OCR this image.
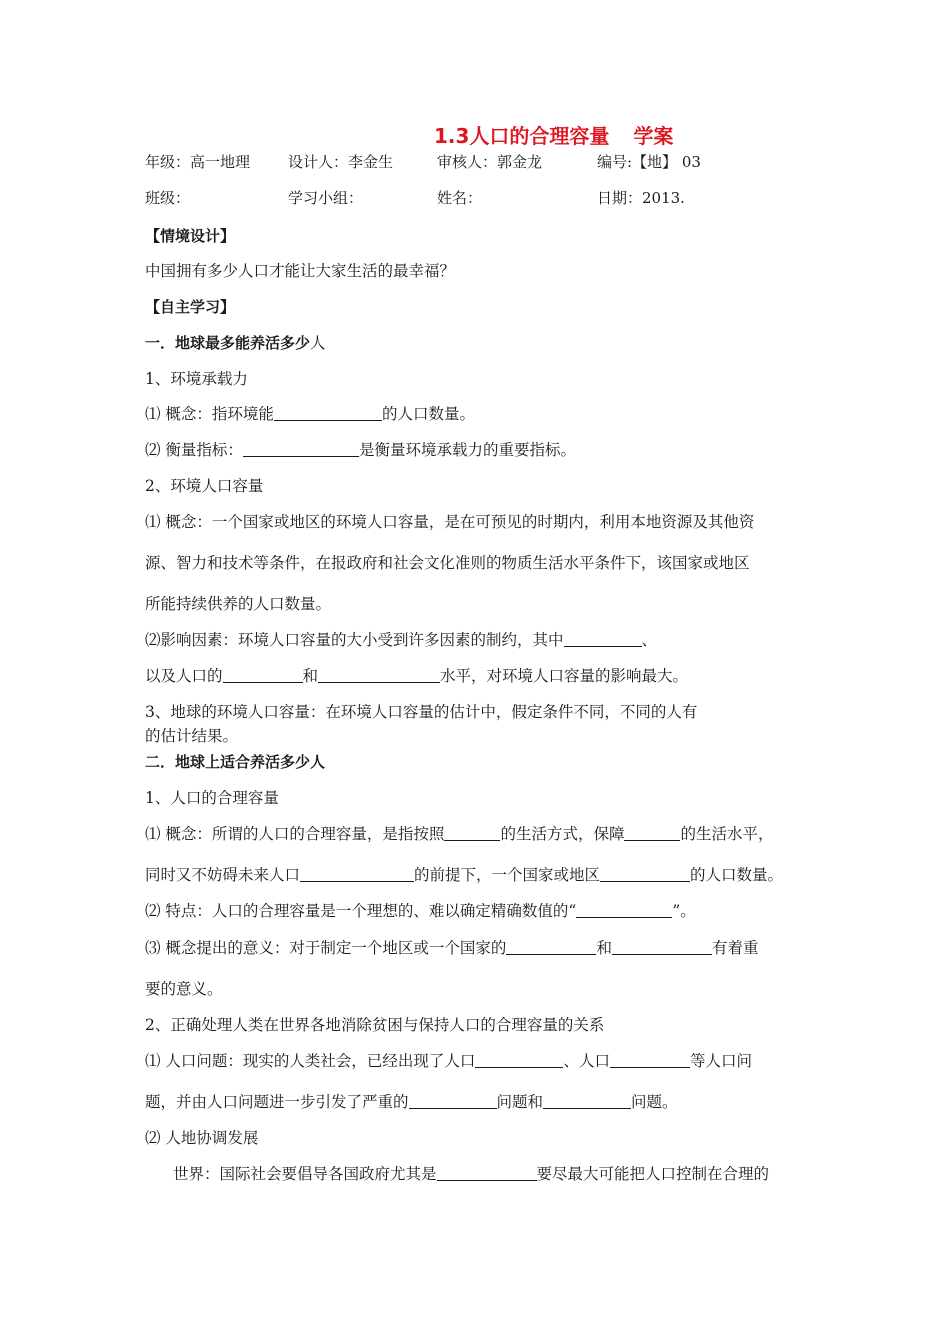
1.3人口的合理容量 学案
年级：高一地理	设计人：李金生	审核人：郭金龙	编号:【地】 03
班级：	学习小组：	姓名：	日期：2013.
【情境设计】
中国拥有多少人口才能让大家生活的最幸福？
【自主学习】
一．地球最多能养活多少人
1、环境承载力
⑴ 概念：指环境能	的人口数量。
⑵ 衡量指标：	是衡量环境承载力的重要指标。
2、环境人口容量
⑴ 概念：一个国家或地区的环境人口容量，是在可预见的时期内，利用本地资源及其他资
源、智力和技术等条件，在报政府和社会文化准则的物质生活水平条件下，该国家或地区
所能持续供养的人口数量。
⑵影响因素：环境人口容量的大小受到许多因素的制约，其中	、
以及人口的	和	水平，对环境人口容量的影响最大。
3、地球的环境人口容量：在环境人口容量的估计中，假定条件不同，不同的人有
的估计结果。
二．地球上适合养活多少人
1、人口的合理容量
⑴ 概念：所谓的人口的合理容量，是指按照	的生活方式，保障	的生活水平，
同时又不妨碍未来人口	的前提下，一个国家或地区	的人口数量。
⑵ 特点：人口的合理容量是一个理想的、难以确定精确数值的“	”。
⑶ 概念提出的意义：对于制定一个地区或一个国家的	和	有着重
要的意义。
2、正确处理人类在世界各地消除贫困与保持人口的合理容量的关系
⑴ 人口问题：现实的人类社会，已经出现了人口	、人口	等人口问
题，并由人口问题进一步引发了严重的	问题和	问题。
⑵ 人地协调发展
世界：国际社会要倡导各国政府尤其是	要尽最大可能把人口控制在合理的
